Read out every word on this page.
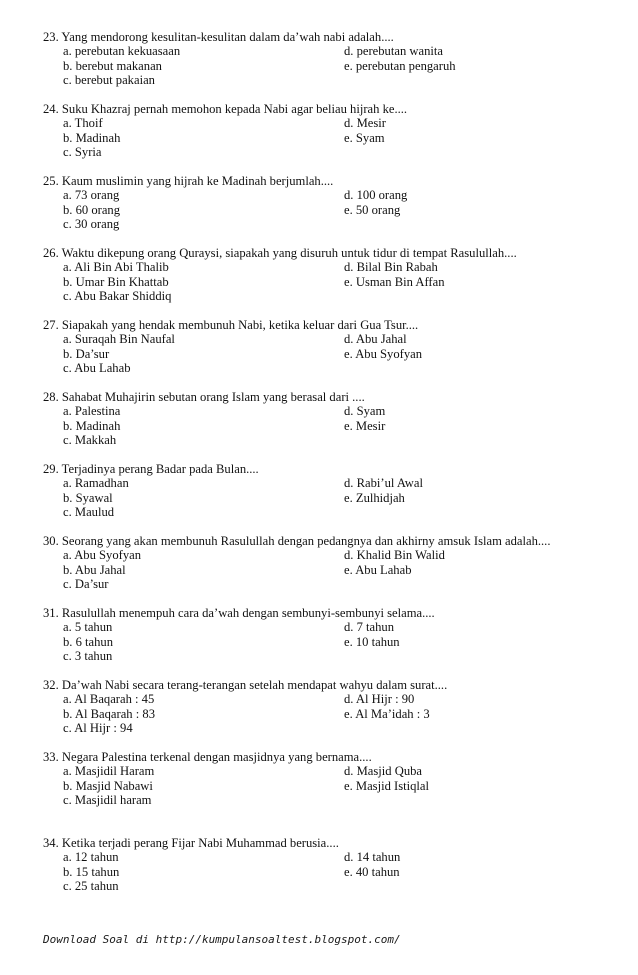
23. Yang mendorong kesulitan-kesulitan dalam da’wah nabi adalah....
a. perebutan kekuasaan	d. perebutan wanita
b. berebut makanan	e. perebutan pengaruh
c. berebut pakaian
24. Suku Khazraj pernah memohon kepada Nabi agar beliau hijrah ke....
a. Thoif	d. Mesir
b. Madinah	e. Syam
c. Syria
25. Kaum muslimin yang hijrah ke Madinah berjumlah....
a. 73 orang	d. 100 orang
b. 60 orang	e. 50 orang
c. 30 orang
26. Waktu dikepung orang Quraysi, siapakah yang disuruh untuk tidur di tempat Rasulullah....
a. Ali Bin Abi Thalib	d. Bilal Bin Rabah
b. Umar Bin Khattab	e. Usman Bin Affan
c. Abu Bakar Shiddiq
27. Siapakah yang hendak membunuh Nabi, ketika keluar dari Gua Tsur....
a. Suraqah Bin Naufal	d. Abu Jahal
b. Da’sur	e. Abu Syofyan
c. Abu Lahab
28. Sahabat Muhajirin sebutan orang Islam yang berasal dari ....
a. Palestina	d. Syam
b. Madinah	e. Mesir
c. Makkah
29. Terjadinya perang Badar pada Bulan....
a. Ramadhan	d. Rabi’ul Awal
b. Syawal	e. Zulhidjah
c. Maulud
30. Seorang yang akan membunuh Rasulullah dengan pedangnya dan akhirny amsuk Islam adalah....
a. Abu Syofyan	d. Khalid Bin Walid
b. Abu Jahal	e. Abu Lahab
c. Da’sur
31. Rasulullah menempuh cara da’wah dengan sembunyi-sembunyi selama....
a. 5 tahun	d. 7 tahun
b. 6 tahun	e. 10 tahun
c. 3 tahun
32. Da’wah Nabi secara terang-terangan setelah mendapat wahyu dalam surat....
a. Al Baqarah : 45	d. Al Hijr : 90
b. Al Baqarah : 83	e. Al Ma’idah : 3
c. Al Hijr : 94
33. Negara Palestina terkenal dengan masjidnya yang bernama....
a. Masjidil Haram	d. Masjid Quba
b. Masjid Nabawi	e. Masjid Istiqlal
c. Masjidil haram
34. Ketika terjadi perang Fijar Nabi Muhammad berusia....
a. 12 tahun	d. 14 tahun
b. 15 tahun	e. 40 tahun
c. 25 tahun
Download Soal di http://kumpulansoaltest.blogspot.com/
